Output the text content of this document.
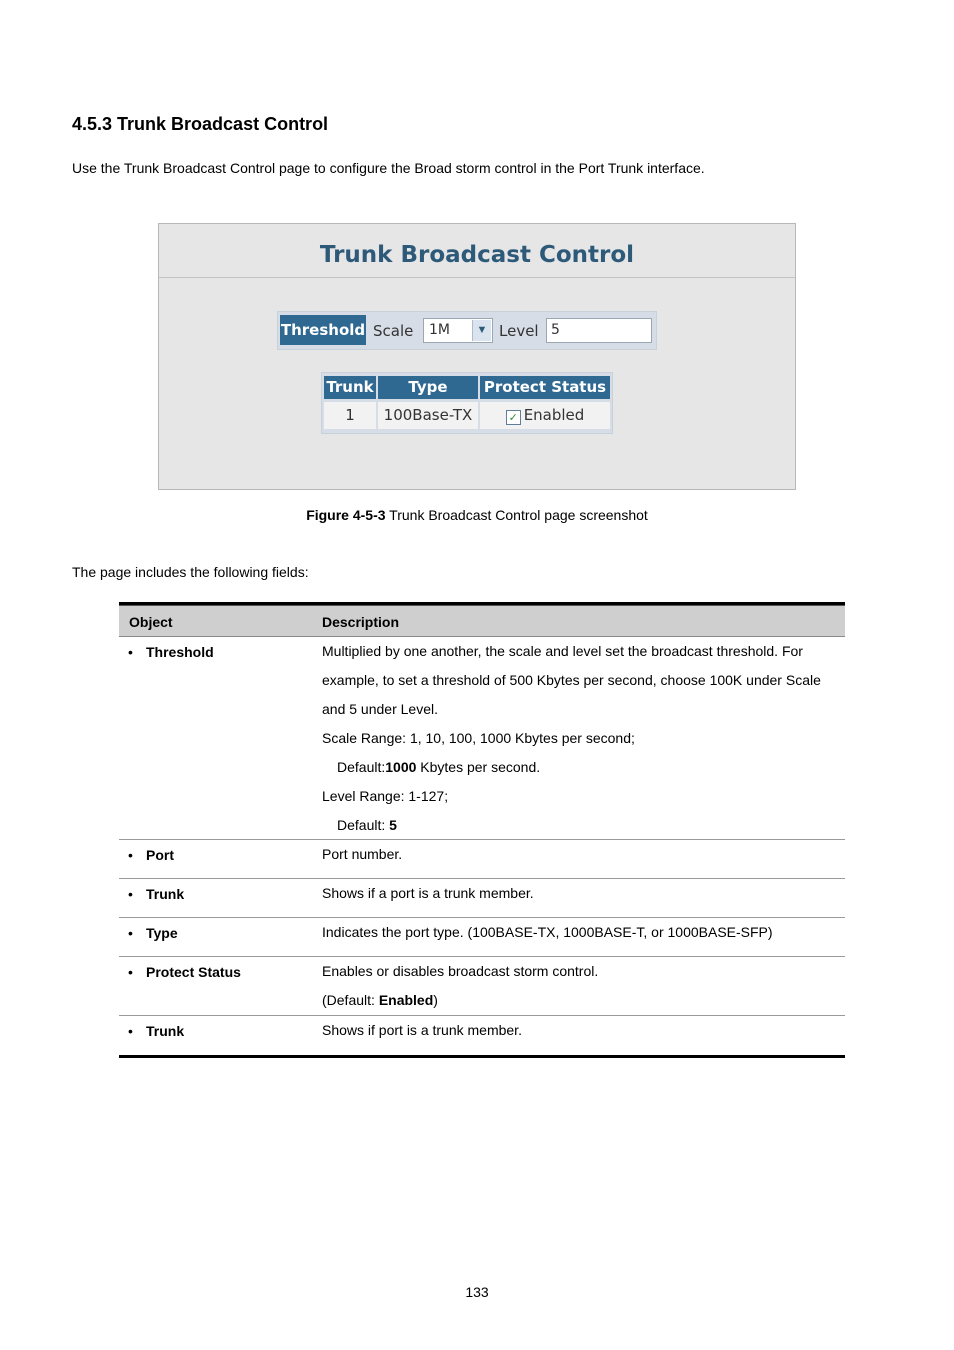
4.5.3 Trunk Broadcast Control
Use the Trunk Broadcast Control page to configure the Broad storm control in the Port Trunk interface.
Trunk Broadcast Control
Threshold Scale 1M	▼ Level 5
Trunk	Type	Protect Status
1	100Base-TX	✓ Enabled
Figure 4-5-3 Trunk Broadcast Control page screenshot
The page includes the following fields:
Object	Description
• Threshold	Multiplied by one another, the scale and level set the broadcast threshold. For
example, to set a threshold of 500 Kbytes per second, choose 100K under Scale
and 5 under Level.
Scale Range: 1, 10, 100, 1000 Kbytes per second;
Default:1000 Kbytes per second.
Level Range: 1-127;
Default: 5
• Port	Port number.
• Trunk	Shows if a port is a trunk member.
• Type	Indicates the port type. (100BASE-TX, 1000BASE-T, or 1000BASE-SFP)
• Protect Status	Enables or disables broadcast storm control.
(Default: Enabled)
• Trunk	Shows if port is a trunk member.
133
